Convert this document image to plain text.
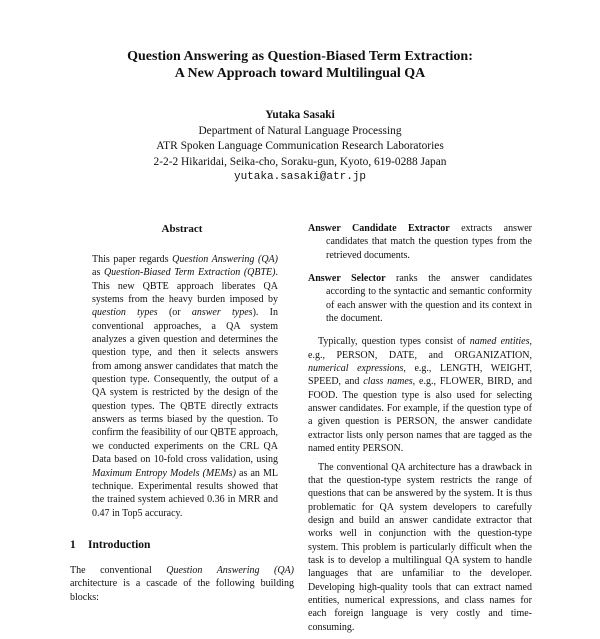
Question Answering as Question-Biased Term Extraction:
A New Approach toward Multilingual QA
Yutaka Sasaki
Department of Natural Language Processing
ATR Spoken Language Communication Research Laboratories
2-2-2 Hikaridai, Seika-cho, Soraku-gun, Kyoto, 619-0288 Japan
yutaka.sasaki@atr.jp
Abstract

This paper regards Question Answering (QA) as Question-Biased Term Extraction (QBTE). This new QBTE approach liberates QA systems from the heavy burden imposed by question types (or answer types). In conventional approaches, a QA system analyzes a given question and determines the question type, and then it selects answers from among answer candidates that match the question type. Consequently, the output of a QA system is restricted by the design of the question types. The QBTE directly extracts answers as terms biased by the question. To confirm the feasibility of our QBTE approach, we conducted experiments on the CRL QA Data based on 10-fold cross validation, using Maximum Entropy Models (MEMs) as an ML technique. Experimental results showed that the trained system achieved 0.36 in MRR and 0.47 in Top5 accuracy.

1 Introduction

The conventional Question Answering (QA) architecture is a cascade of the following building blocks:

Answer Candidate Extractor extracts answer candidates that match the question types from the retrieved documents.

Answer Selector ranks the answer candidates according to the syntactic and semantic conformity of each answer with the question and its context in the document.

Typically, question types consist of named entities, e.g., PERSON, DATE, and ORGANIZATION, numerical expressions, e.g., LENGTH, WEIGHT, SPEED, and class names, e.g., FLOWER, BIRD, and FOOD. The question type is also used for selecting answer candidates. For example, if the question type of a given question is PERSON, the answer candidate extractor lists only person names that are tagged as the named entity PERSON.

The conventional QA architecture has a drawback in that the question-type system restricts the range of questions that can be answered by the system. It is thus problematic for QA system developers to carefully design and build an answer candidate extractor that works well in conjunction with the question-type system. This problem is particularly difficult when the task is to develop a multilingual QA system to handle languages that are unfamiliar to the developer. Developing high-quality tools that can extract named entities, numerical expressions, and class names for each foreign language is very costly and time-consuming.
